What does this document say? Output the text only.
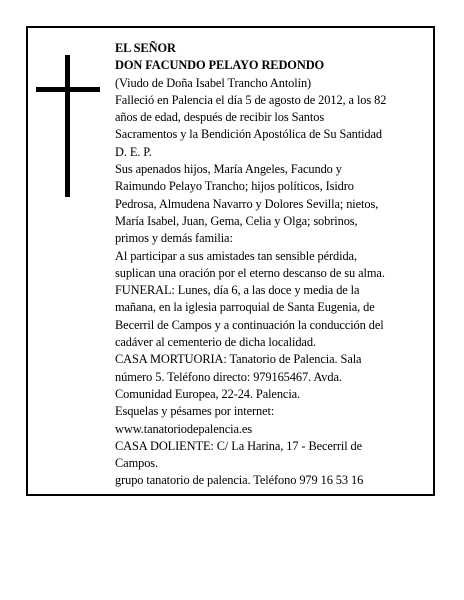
EL SEÑOR
DON FACUNDO PELAYO REDONDO
(Viudo de Doña Isabel Trancho Antolín)
Falleció en Palencia el día 5 de agosto de 2012, a los 82
años de edad, después de recibir los Santos
Sacramentos y la Bendición Apostólica de Su Santidad
D. E. P.
Sus apenados hijos, María Angeles, Facundo y
Raimundo Pelayo Trancho; hijos políticos, Isidro
Pedrosa, Almudena Navarro y Dolores Sevilla; nietos,
María Isabel, Juan, Gema, Celia y Olga; sobrinos,
primos y demás familia:
Al participar a sus amistades tan sensible pérdida,
suplican una oración por el eterno descanso de su alma.
FUNERAL: Lunes, día 6, a las doce y media de la
mañana, en la iglesia parroquial de Santa Eugenia, de
Becerril de Campos y a continuación la conducción del
cadáver al cementerio de dicha localidad.
CASA MORTUORIA: Tanatorio de Palencia. Sala
número 5. Teléfono directo: 979165467. Avda.
Comunidad Europea, 22-24. Palencia.
Esquelas y pésames por internet:
www.tanatoriodepalencia.es
CASA DOLIENTE: C/ La Harina, 17 - Becerril de
Campos.
grupo tanatorio de palencia. Teléfono 979 16 53 16
